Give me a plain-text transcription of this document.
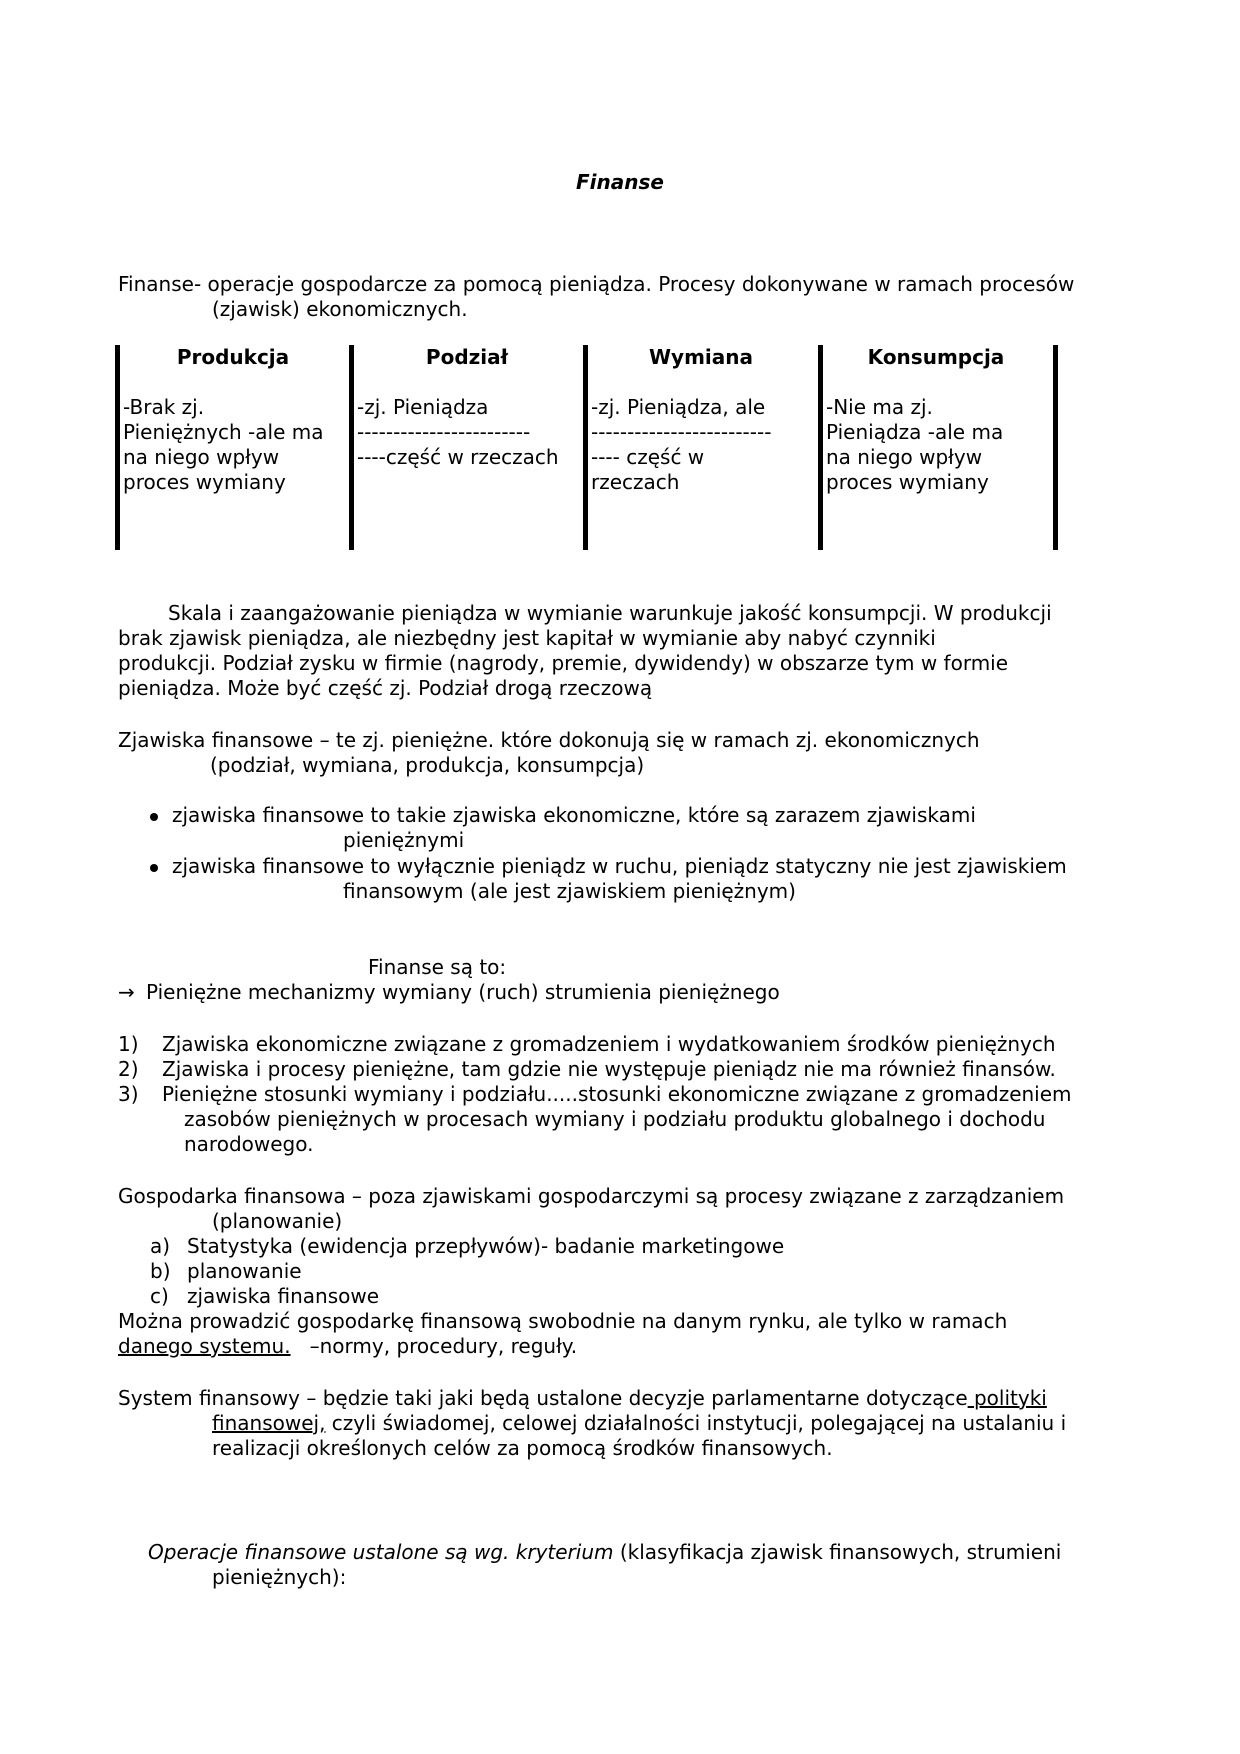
Finanse
Finanse- operacje gospodarcze za pomocą pieniądza. Procesy dokonywane w ramach procesów
(zjawisk) ekonomicznych.
Produkcja
-Brak zj.
Pieniężnych -ale ma
na niego wpływ
proces wymiany
Podział
-zj. Pieniądza
------------------------
----część w rzeczach
Wymiana
-zj. Pieniądza, ale
-------------------------
---- część w
rzeczach
Konsumpcja
-Nie ma zj.
Pieniądza -ale ma
na niego wpływ
proces wymiany
Skala i zaangażowanie pieniądza w wymianie warunkuje jakość konsumpcji. W produkcji
brak zjawisk pieniądza, ale niezbędny jest kapitał w wymianie aby nabyć czynniki
produkcji. Podział zysku w firmie (nagrody, premie, dywidendy) w obszarze tym w formie
pieniądza. Może być część zj. Podział drogą rzeczową
Zjawiska finansowe – te zj. pieniężne. które dokonują się w ramach zj. ekonomicznych
(podział, wymiana, produkcja, konsumpcja)
zjawiska finansowe to takie zjawiska ekonomiczne, które są zarazem zjawiskami
pieniężnymi
zjawiska finansowe to wyłącznie pieniądz w ruchu, pieniądz statyczny nie jest zjawiskiem
finansowym (ale jest zjawiskiem pieniężnym)
Finanse są to:
→ Pieniężne mechanizmy wymiany (ruch) strumienia pieniężnego
1) Zjawiska ekonomiczne związane z gromadzeniem i wydatkowaniem środków pieniężnych
2) Zjawiska i procesy pieniężne, tam gdzie nie występuje pieniądz nie ma również finansów.
3) Pieniężne stosunki wymiany i podziału.....stosunki ekonomiczne związane z gromadzeniem
zasobów pieniężnych w procesach wymiany i podziału produktu globalnego i dochodu
narodowego.
Gospodarka finansowa – poza zjawiskami gospodarczymi są procesy związane z zarządzaniem
(planowanie)
a) Statystyka (ewidencja przepływów)- badanie marketingowe
b) planowanie
c) zjawiska finansowe
Można prowadzić gospodarkę finansową swobodnie na danym rynku, ale tylko w ramach
danego systemu.   –normy, procedury, reguły.
System finansowy – będzie taki jaki będą ustalone decyzje parlamentarne dotyczące polityki
finansowej, czyli świadomej, celowej działalności instytucji, polegającej na ustalaniu i
realizacji określonych celów za pomocą środków finansowych.
Operacje finansowe ustalone są wg. kryterium (klasyfikacja zjawisk finansowych, strumieni
pieniężnych):
